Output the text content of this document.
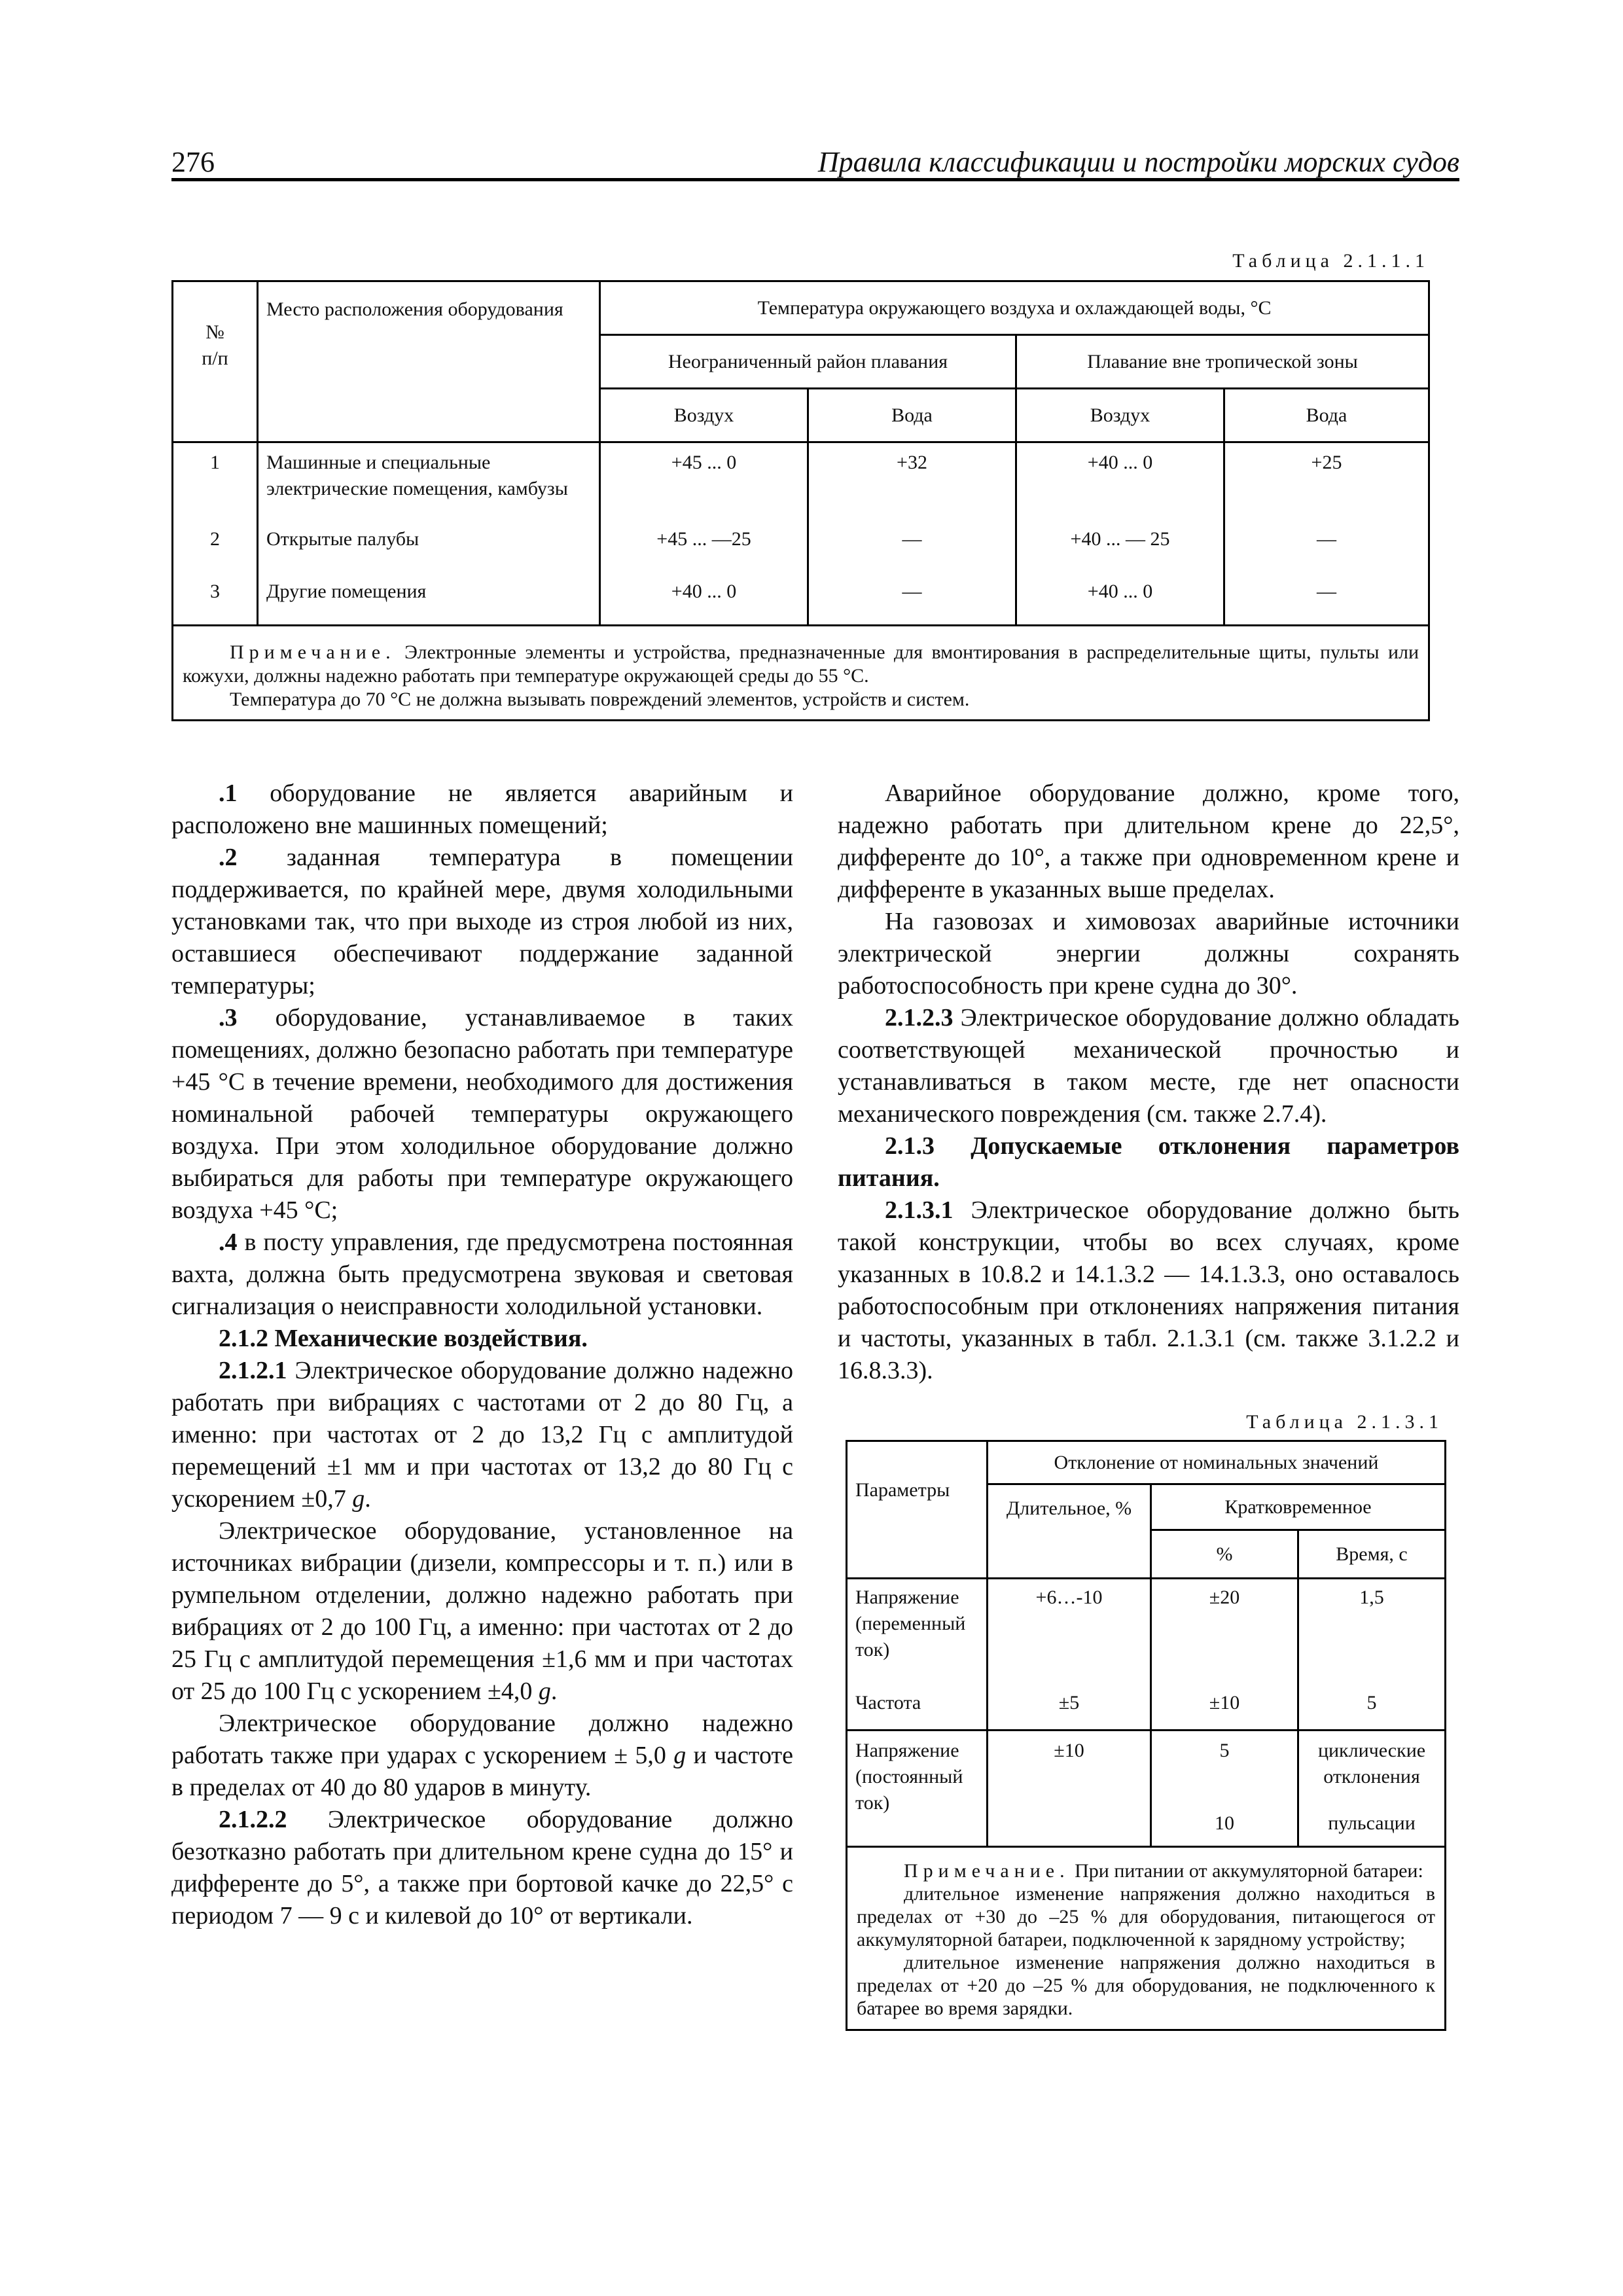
276	Правила классификации и постройки морских судов
Таблица 2.1.1.1
№
п/п	Место расположения оборудования	Температура окружающего воздуха и охлаждающей воды, °С			
		Неограниченный район плавания		Плавание вне тропической зоны	
		Воздух	Вода	Воздух	Вода
1	Машинные и специальные электрические помещения, камбузы	+45 ... 0	+32	+40 ... 0	+25
2	Открытые палубы	+45 ... —25	—	+40 ... — 25	—
3	Другие помещения	+40 ... 0	—	+40 ... 0	—

Примечание. Электронные элементы и устройства, предназначенные для вмонтирования в распределительные щиты, пульты или кожухи, должны надежно работать при температуре окружающей среды до 55 °С.
Температура до 70 °С не должна вызывать повреждений элементов, устройств и систем.					

.1 оборудование не является аварийным и расположено вне машинных помещений;

.2 заданная температура в помещении поддерживается, по крайней мере, двумя холодильными установками так, что при выходе из строя любой из них, оставшиеся обеспечивают поддержание заданной температуры;

.3 оборудование, устанавливаемое в таких помещениях, должно безопасно работать при температуре +45 °С в течение времени, необходимого для достижения номинальной рабочей температуры окружающего воздуха. При этом холодильное оборудование должно выбираться для работы при температуре окружающего воздуха +45 °С;

.4 в посту управления, где предусмотрена постоянная вахта, должна быть предусмотрена звуковая и световая сигнализация о неисправности холодильной установки.

2.1.2 Механические воздействия.

2.1.2.1 Электрическое оборудование должно надежно работать при вибрациях с частотами от 2 до 80 Гц, а именно: при частотах от 2 до 13,2 Гц с амплитудой перемещений ±1 мм и при частотах от 13,2 до 80 Гц с ускорением ±0,7 g.

Электрическое оборудование, установленное на источниках вибрации (дизели, компрессоры и т. п.) или в румпельном отделении, должно надежно работать при вибрациях от 2 до 100 Гц, а именно: при частотах от 2 до 25 Гц с амплитудой перемещения ±1,6 мм и при частотах от 25 до 100 Гц с ускорением ±4,0 g.

Электрическое оборудование должно надежно работать также при ударах с ускорением ± 5,0 g и частоте в пределах от 40 до 80 ударов в минуту.

2.1.2.2 Электрическое оборудование должно безотказно работать при длительном крене судна до 15° и дифференте до 5°, а также при бортовой качке до 22,5° с периодом 7 — 9 с и килевой до 10° от вертикали.

Аварийное оборудование должно, кроме того, надежно работать при длительном крене до 22,5°, дифференте до 10°, а также при одновременном крене и дифференте в указанных выше пределах.

На газовозах и химовозах аварийные источники электрической энергии должны сохранять работоспособность при крене судна до 30°.

2.1.2.3 Электрическое оборудование должно обладать соответствующей механической прочностью и устанавливаться в таком месте, где нет опасности механического повреждения (см. также 2.7.4).

2.1.3 Допускаемые отклонения параметров питания.

2.1.3.1 Электрическое оборудование должно быть такой конструкции, чтобы во всех случаях, кроме указанных в 10.8.2 и 14.1.3.2 — 14.1.3.3, оно оставалось работоспособным при отклонениях напряжения питания и частоты, указанных в табл. 2.1.3.1 (см. также 3.1.2.2 и 16.8.3.3).

Таблица 2.1.3.1
Параметры	Отклонение от номинальных значений		
	Длительное, %	Кратковременное	
		%	Время, с
Напряжение (переменный ток)	+6…-10	±20	1,5
Частота	±5	±10	5
Напряжение (постоянный ток)	±10	5	циклические отклонения
		10	пульсации

Примечание. При питании от аккумуляторной батареи:
длительное изменение напряжения должно находиться в пределах от +30 до –25 % для оборудования, питающегося от аккумуляторной батареи, подключенной к зарядному устройству;
длительное изменение напряжения должно находиться в пределах от +20 до –25 % для оборудования, не подключенного к батарее во время зарядки.			
